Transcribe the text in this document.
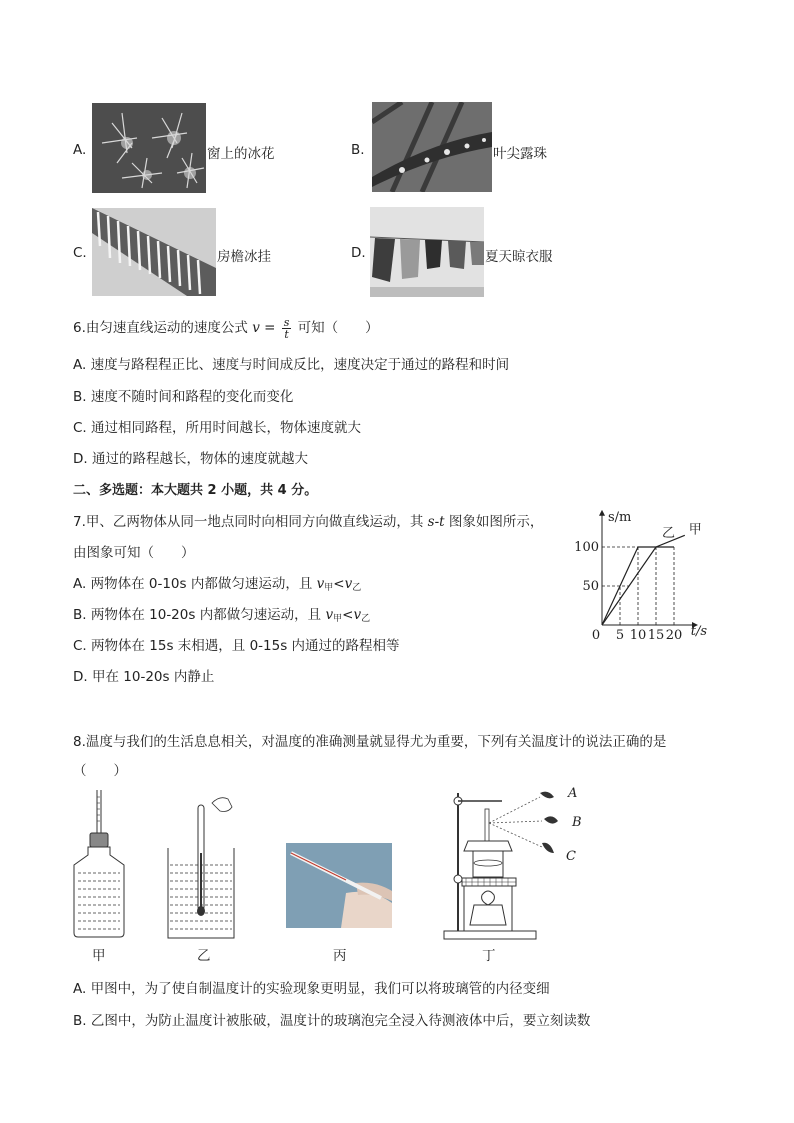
A.	窗上的冰花	B.	叶尖露珠
C.	房檐冰挂	D.	夏天晾衣服
6.由匀速直线运动的速度公式 $v = \frac{s}{t}$ 可知（　　）
A. 速度与路程程正比、速度与时间成反比，速度决定于通过的路程和时间
B. 速度不随时间和路程的变化而变化
C. 通过相同路程，所用时间越长，物体速度就大
D. 通过的路程越长，物体的速度就越大
二、多选题：本大题共 2 小题，共 4 分。
7.甲、乙两物体从同一地点同时向相同方向做直线运动，其 s-t 图象如图所示，
由图象可知（　　）
A. 两物体在 0-10s 内都做匀速运动，且 $v_甲<v_乙$
B. 两物体在 10-20s 内都做匀速运动，且 $v_甲<v_乙$
C. 两物体在 15s 末相遇，且 0-15s 内通过的路程相等
D. 甲在 10-20s 内静止
s/m
t/s
0 5 10 15 20
50
100
乙 甲
8.温度与我们的生活息息相关，对温度的准确测量就显得尤为重要，下列有关温度计的说法正确的是
（　　）
甲	乙	丙
A
B
C
丁
A. 甲图中，为了使自制温度计的实验现象更明显，我们可以将玻璃管的内径变细
B. 乙图中，为防止温度计被胀破，温度计的玻璃泡完全浸入待测液体中后，要立刻读数
